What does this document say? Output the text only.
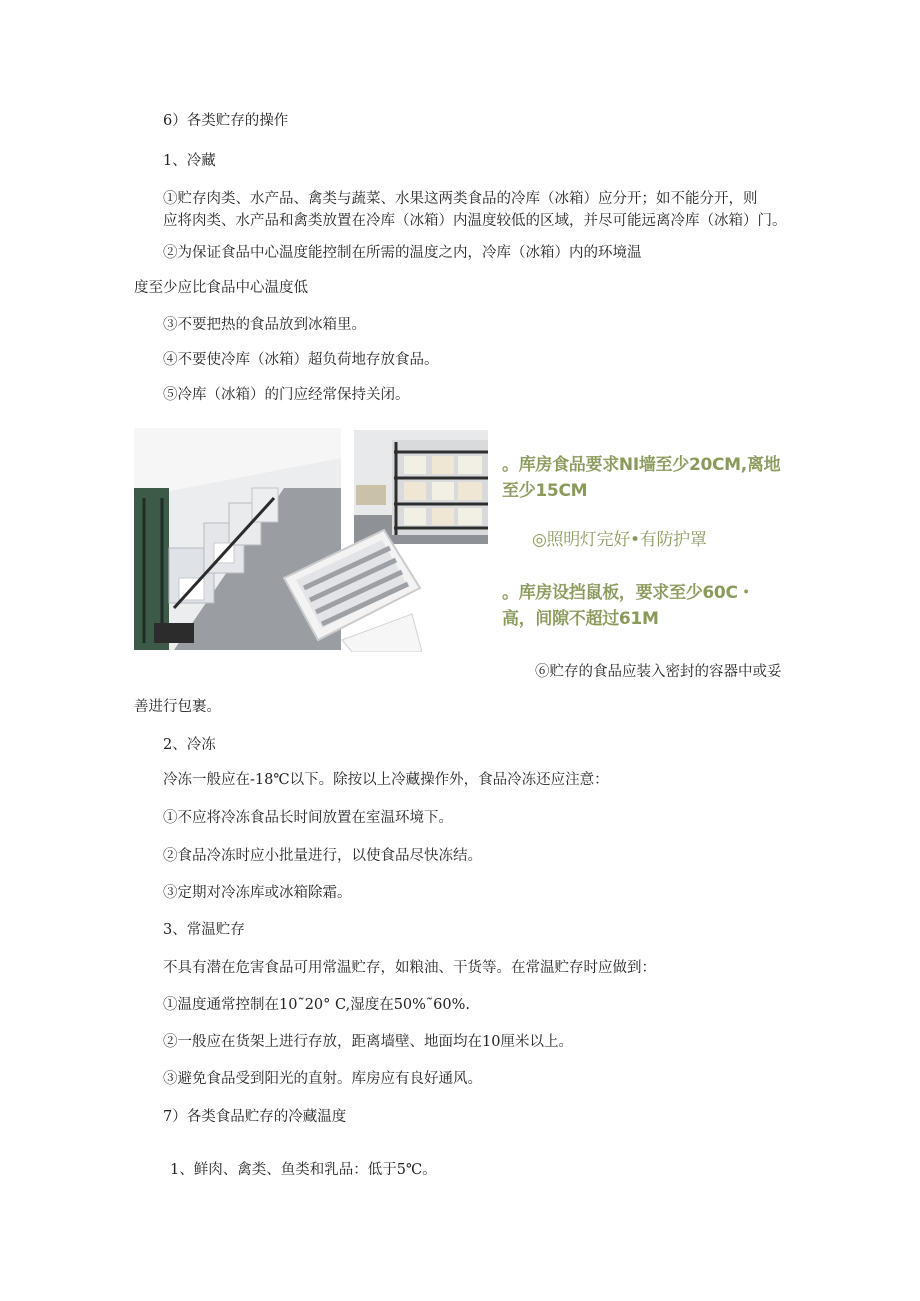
6）各类贮存的操作
1、冷藏
①贮存肉类、水产品、禽类与蔬菜、水果这两类食品的冷库（冰箱）应分开；如不能分开，则
应将肉类、水产品和禽类放置在冷库（冰箱）内温度较低的区域，并尽可能远离冷库（冰箱）门。
②为保证食品中心温度能控制在所需的温度之内，冷库（冰箱）内的环境温
度至少应比食品中心温度低
③不要把热的食品放到冰箱里。
④不要使冷库（冰箱）超负荷地存放食品。
⑤冷库（冰箱）的门应经常保持关闭。
。库房食品要求NI墙至少20CM,离地
至少15CM
◎照明灯完好•有防护罩
。库房设挡鼠板，要求至少60C・
高，间隙不超过61M
⑥贮存的食品应装入密封的容器中或妥
善进行包裹。
2、冷冻
冷冻一般应在-18℃以下。除按以上冷藏操作外，食品冷冻还应注意：
①不应将冷冻食品长时间放置在室温环境下。
②食品冷冻时应小批量进行，以使食品尽快冻结。
③定期对冷冻库或冰箱除霜。
3、常温贮存
不具有潜在危害食品可用常温贮存，如粮油、干货等。在常温贮存时应做到：
①温度通常控制在10˜20° C,湿度在50%˜60%.
②一般应在货架上进行存放，距离墙壁、地面均在10厘米以上。
③避免食品受到阳光的直射。库房应有良好通风。
7）各类食品贮存的冷藏温度
1、鲜肉、禽类、鱼类和乳品：低于5℃。
